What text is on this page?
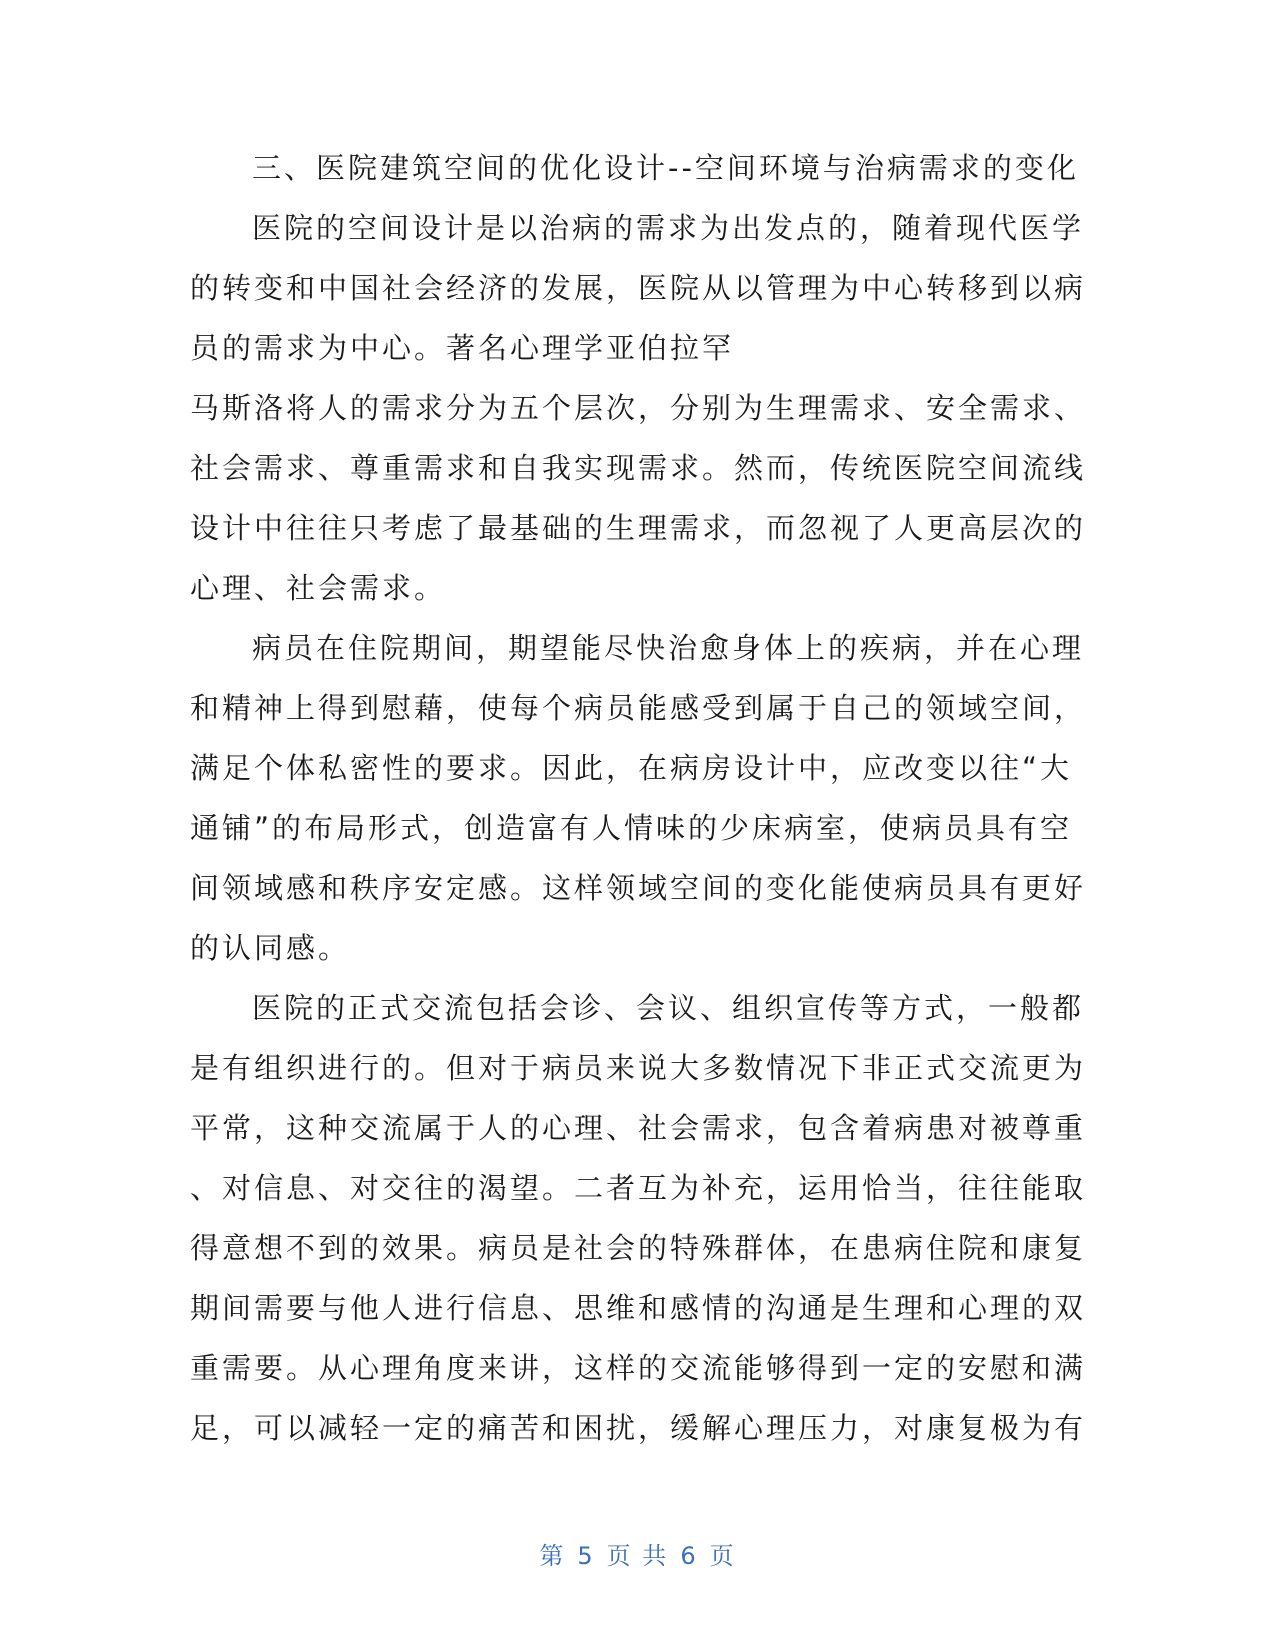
三、医院建筑空间的优化设计--空间环境与治病需求的变化
医院的空间设计是以治病的需求为出发点的，随着现代医学
的转变和中国社会经济的发展，医院从以管理为中心转移到以病
员的需求为中心。著名心理学亚伯拉罕
马斯洛将人的需求分为五个层次，分别为生理需求、安全需求、
社会需求、尊重需求和自我实现需求。然而，传统医院空间流线
设计中往往只考虑了最基础的生理需求，而忽视了人更高层次的
心理、社会需求。
病员在住院期间，期望能尽快治愈身体上的疾病，并在心理
和精神上得到慰藉，使每个病员能感受到属于自己的领域空间，
满足个体私密性的要求。因此，在病房设计中，应改变以往“大
通铺”的布局形式，创造富有人情味的少床病室，使病员具有空
间领域感和秩序安定感。这样领域空间的变化能使病员具有更好
的认同感。
医院的正式交流包括会诊、会议、组织宣传等方式，一般都
是有组织进行的。但对于病员来说大多数情况下非正式交流更为
平常，这种交流属于人的心理、社会需求，包含着病患对被尊重
、对信息、对交往的渴望。二者互为补充，运用恰当，往往能取
得意想不到的效果。病员是社会的特殊群体，在患病住院和康复
期间需要与他人进行信息、思维和感情的沟通是生理和心理的双
重需要。从心理角度来讲，这样的交流能够得到一定的安慰和满
足，可以减轻一定的痛苦和困扰，缓解心理压力，对康复极为有
第 5 页 共 6 页
